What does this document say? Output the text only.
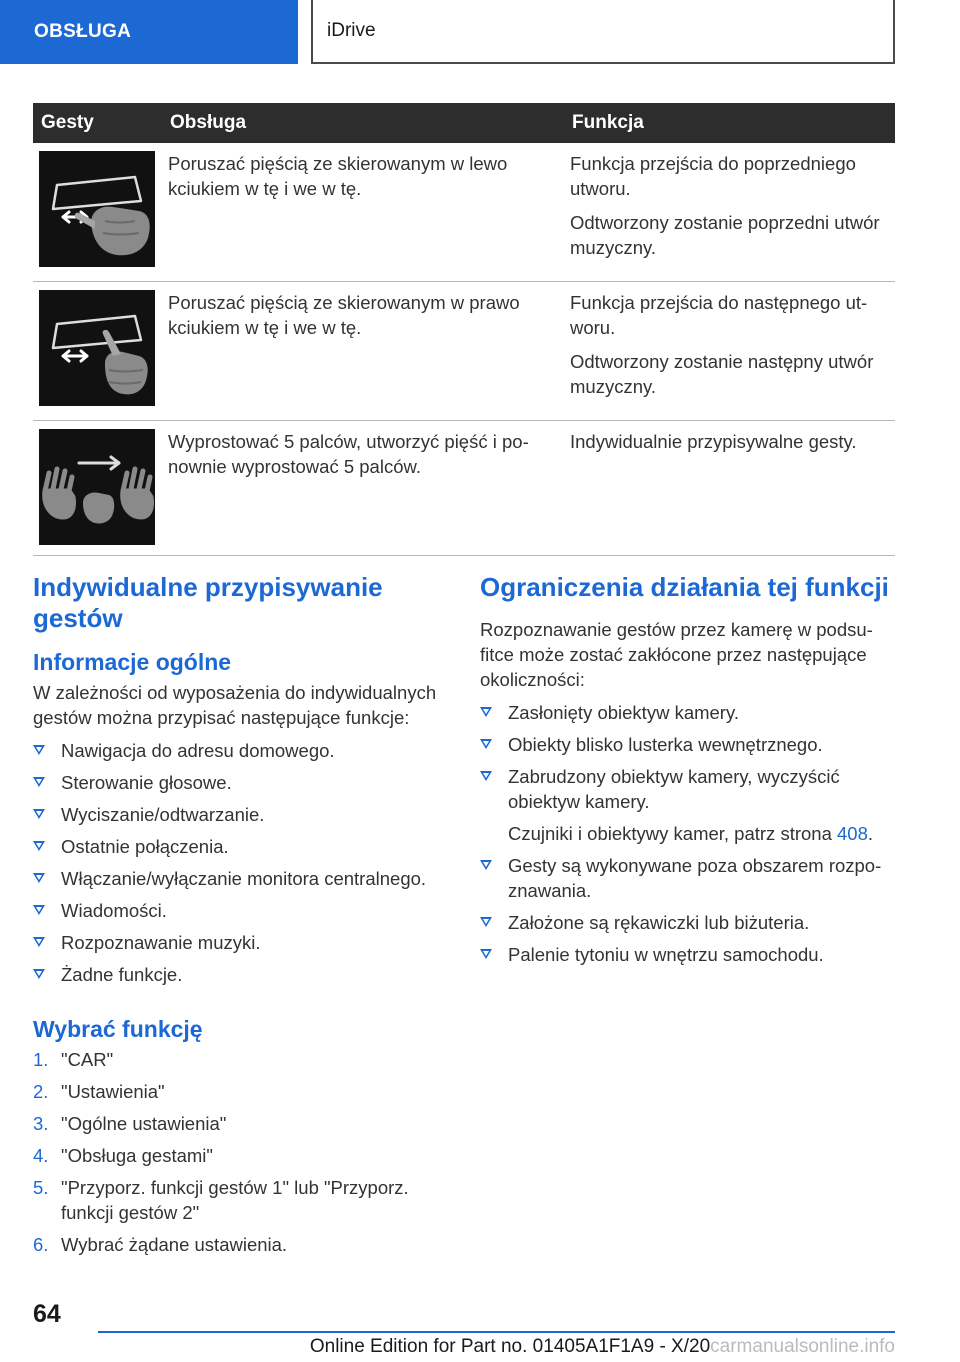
OBSŁUGA	iDrive
Gesty	Obsługa	Funkcja

	Poruszać pięścią ze skierowanym w lewo kciukiem w tę i we w tę.	Funkcja przejścia do poprzedniego utworu.

Odtworzony zostanie poprzedni utwór muzyczny.

	Poruszać pięścią ze skierowanym w prawo kciukiem w tę i we w tę.	Funkcja przejścia do następnego utworu.

Odtworzony zostanie następny utwór muzyczny.

	Wyprostować 5 palców, utworzyć pięść i ponownie wyprostować 5 palców.	Indywidualnie przypisywalne gesty.

Indywidualne przypisywanie gestów
Informacje ogólne

W zależności od wyposażenia do indywidualnych gestów można przypisać następujące funkcje:

Nawigacja do adresu domowego.
Sterowanie głosowe.
Wyciszanie/odtwarzanie.
Ostatnie połączenia.
Włączanie/wyłączanie monitora centralnego.
Wiadomości.
Rozpoznawanie muzyki.
Żadne funkcje.
Wybrać funkcję
1. "CAR"
2. "Ustawienia"
3. "Ogólne ustawienia"
4. "Obsługa gestami"
5. "Przyporz. funkcji gestów 1" lub "Przyporz. funkcji gestów 2"
6. Wybrać żądane ustawienia.
Ograniczenia działania tej funkcji

Rozpoznawanie gestów przez kamerę w podsufitce może zostać zakłócone przez następujące okoliczności:

Zasłonięty obiektyw kamery.
Obiekty blisko lusterka wewnętrznego.
Zabrudzony obiektyw kamery, wyczyścić obiektyw kamery.
Czujniki i obiektywy kamer, patrz strona 408.
Gesty są wykonywane poza obszarem rozpoznawania.
Założone są rękawiczki lub biżuteria.
Palenie tytoniu w wnętrzu samochodu.
64
Online Edition for Part no. 01405A1F1A9 - X/20carmanualsonline.info
